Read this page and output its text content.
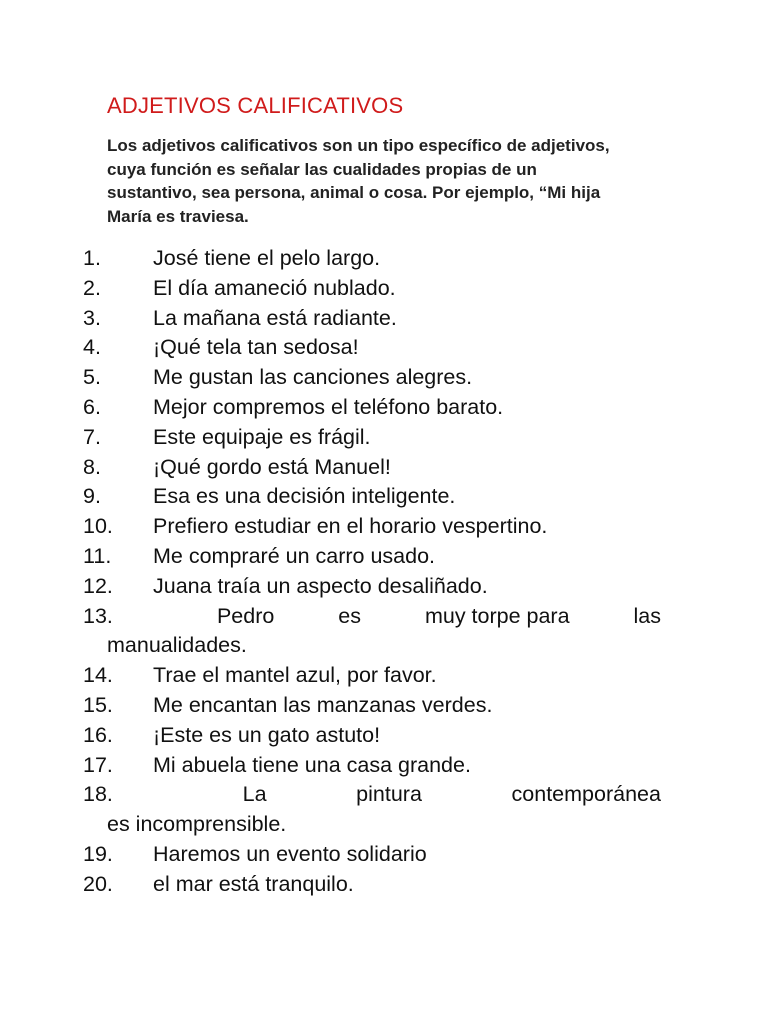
ADJETIVOS CALIFICATIVOS

Los adjetivos calificativos son un tipo específico de adjetivos, cuya función es señalar las cualidades propias de un sustantivo, sea persona, animal o cosa. Por ejemplo, “Mi hija María es traviesa.

1. José tiene el pelo largo.
2. El día amaneció nublado.
3. La mañana está radiante.
4. ¡Qué tela tan sedosa!
5. Me gustan las canciones alegres.
6. Mejor compremos el teléfono barato.
7. Este equipaje es frágil.
8. ¡Qué gordo está Manuel!
9. Esa es una decisión inteligente.
10. Prefiero estudiar en el horario vespertino.
11. Me compraré un carro usado.
12. Juana traía un aspecto desaliñado.
13.	Pedro	es	muy torpe para	las
manualidades.
14. Trae el mantel azul, por favor.
15. Me encantan las manzanas verdes.
16. ¡Este es un gato astuto!
17. Mi abuela tiene una casa grande.
18.	La	pintura	contemporánea
es incomprensible.
19. Haremos un evento solidario
20. el mar está tranquilo.
